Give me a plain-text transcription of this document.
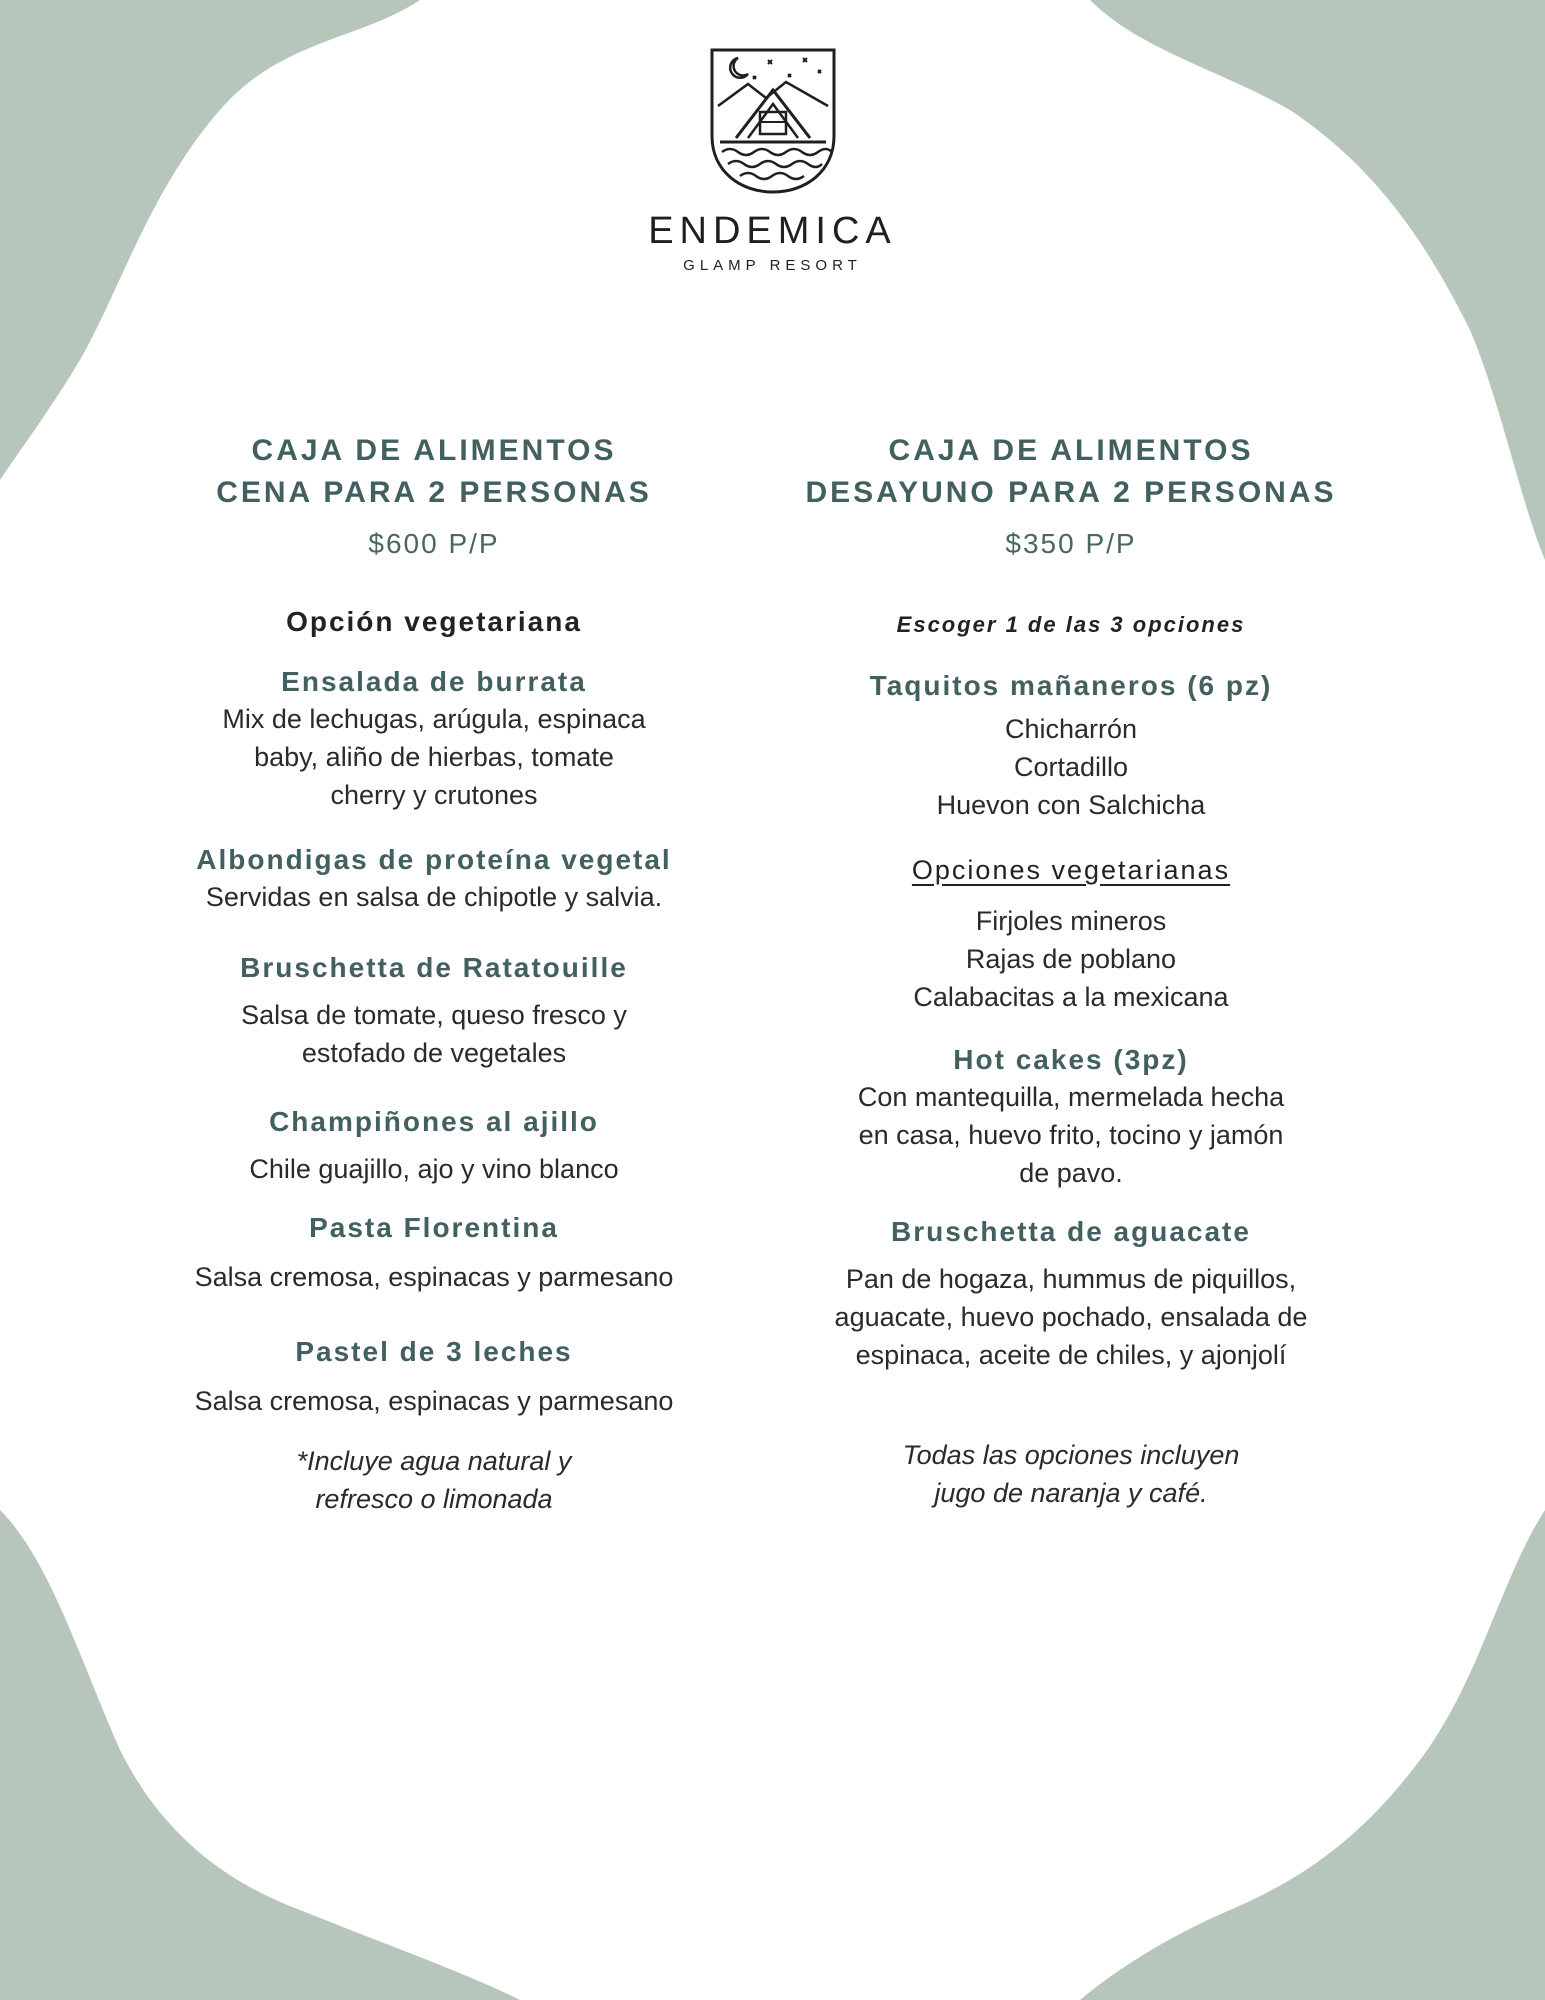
ENDEMICA
GLAMP RESORT
CAJA DE ALIMENTOS
CENA PARA 2 PERSONAS
$600 P/P
Opción vegetariana
Ensalada de burrata
Mix de lechugas, arúgula, espinaca
baby, aliño de hierbas, tomate
cherry y crutones
Albondigas de proteína vegetal
Servidas en salsa de chipotle y salvia.
Bruschetta de Ratatouille
Salsa de tomate, queso fresco y
estofado de vegetales
Champiñones al ajillo
Chile guajillo, ajo y vino blanco
Pasta Florentina
Salsa cremosa, espinacas y parmesano
Pastel de 3 leches
Salsa cremosa, espinacas y parmesano
*Incluye agua natural y
refresco o limonada
CAJA DE ALIMENTOS
DESAYUNO PARA 2 PERSONAS
$350 P/P
Escoger 1 de las 3 opciones
Taquitos mañaneros (6 pz)
Chicharrón
Cortadillo
Huevon con Salchicha
Opciones vegetarianas
Firjoles mineros
Rajas de poblano
Calabacitas a la mexicana
Hot cakes (3pz)
Con mantequilla, mermelada hecha
en casa, huevo frito, tocino y jamón
de pavo.
Bruschetta de aguacate
Pan de hogaza, hummus de piquillos,
aguacate, huevo pochado, ensalada de
espinaca, aceite de chiles, y ajonjolí
Todas las opciones incluyen
jugo de naranja y café.
